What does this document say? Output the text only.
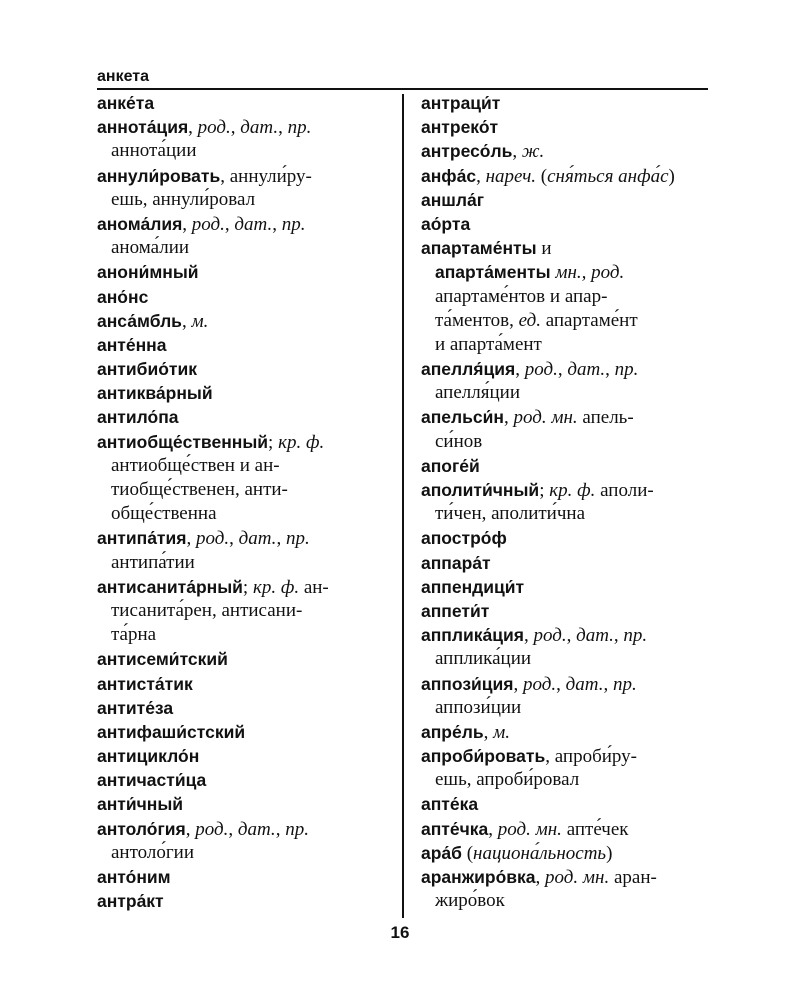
анкета
анке́та
аннота́ция, род., дат., пр.
аннота́ции
аннули́ровать, аннули́ру-
ешь, аннули́ровал
анома́лия, род., дат., пр.
анома́лии
анони́мный
ано́нс
анса́мбль, м.
анте́нна
антибио́тик
антиква́рный
антило́па
антиобще́ственный; кр. ф.
антиобще́ствен и ан-
тиобще́ственен, анти-
обще́ственна
антипа́тия, род., дат., пр.
антипа́тии
антисанита́рный; кр. ф. ан-
тисанита́рен, антисани-
та́рна
антисеми́тский
антиста́тик
антите́за
антифаши́стский
антицикло́н
античасти́ца
анти́чный
антоло́гия, род., дат., пр.
антоло́гии
анто́ним
антра́кт
антраци́т
антреко́т
антресо́ль, ж.
анфа́с, нареч. (сня́ться анфа́с)
аншла́г
ао́рта
апартаме́нты и
апарта́менты мн., род.
апартаме́нтов и апар-
та́ментов, ед. апартаме́нт
и апарта́мент
апелля́ция, род., дат., пр.
апелля́ции
апельси́н, род. мн. апель-
си́нов
апоге́й
аполити́чный; кр. ф. аполи-
ти́чен, аполити́чна
апостро́ф
аппара́т
аппендици́т
аппети́т
апплика́ция, род., дат., пр.
апплика́ции
аппози́ция, род., дат., пр.
аппози́ции
апре́ль, м.
апроби́ровать, апроби́ру-
ешь, апроби́ровал
апте́ка
апте́чка, род. мн. апте́чек
ара́б (национа́льность)
аранжиро́вка, род. мн. аран-
жиро́вок
16
